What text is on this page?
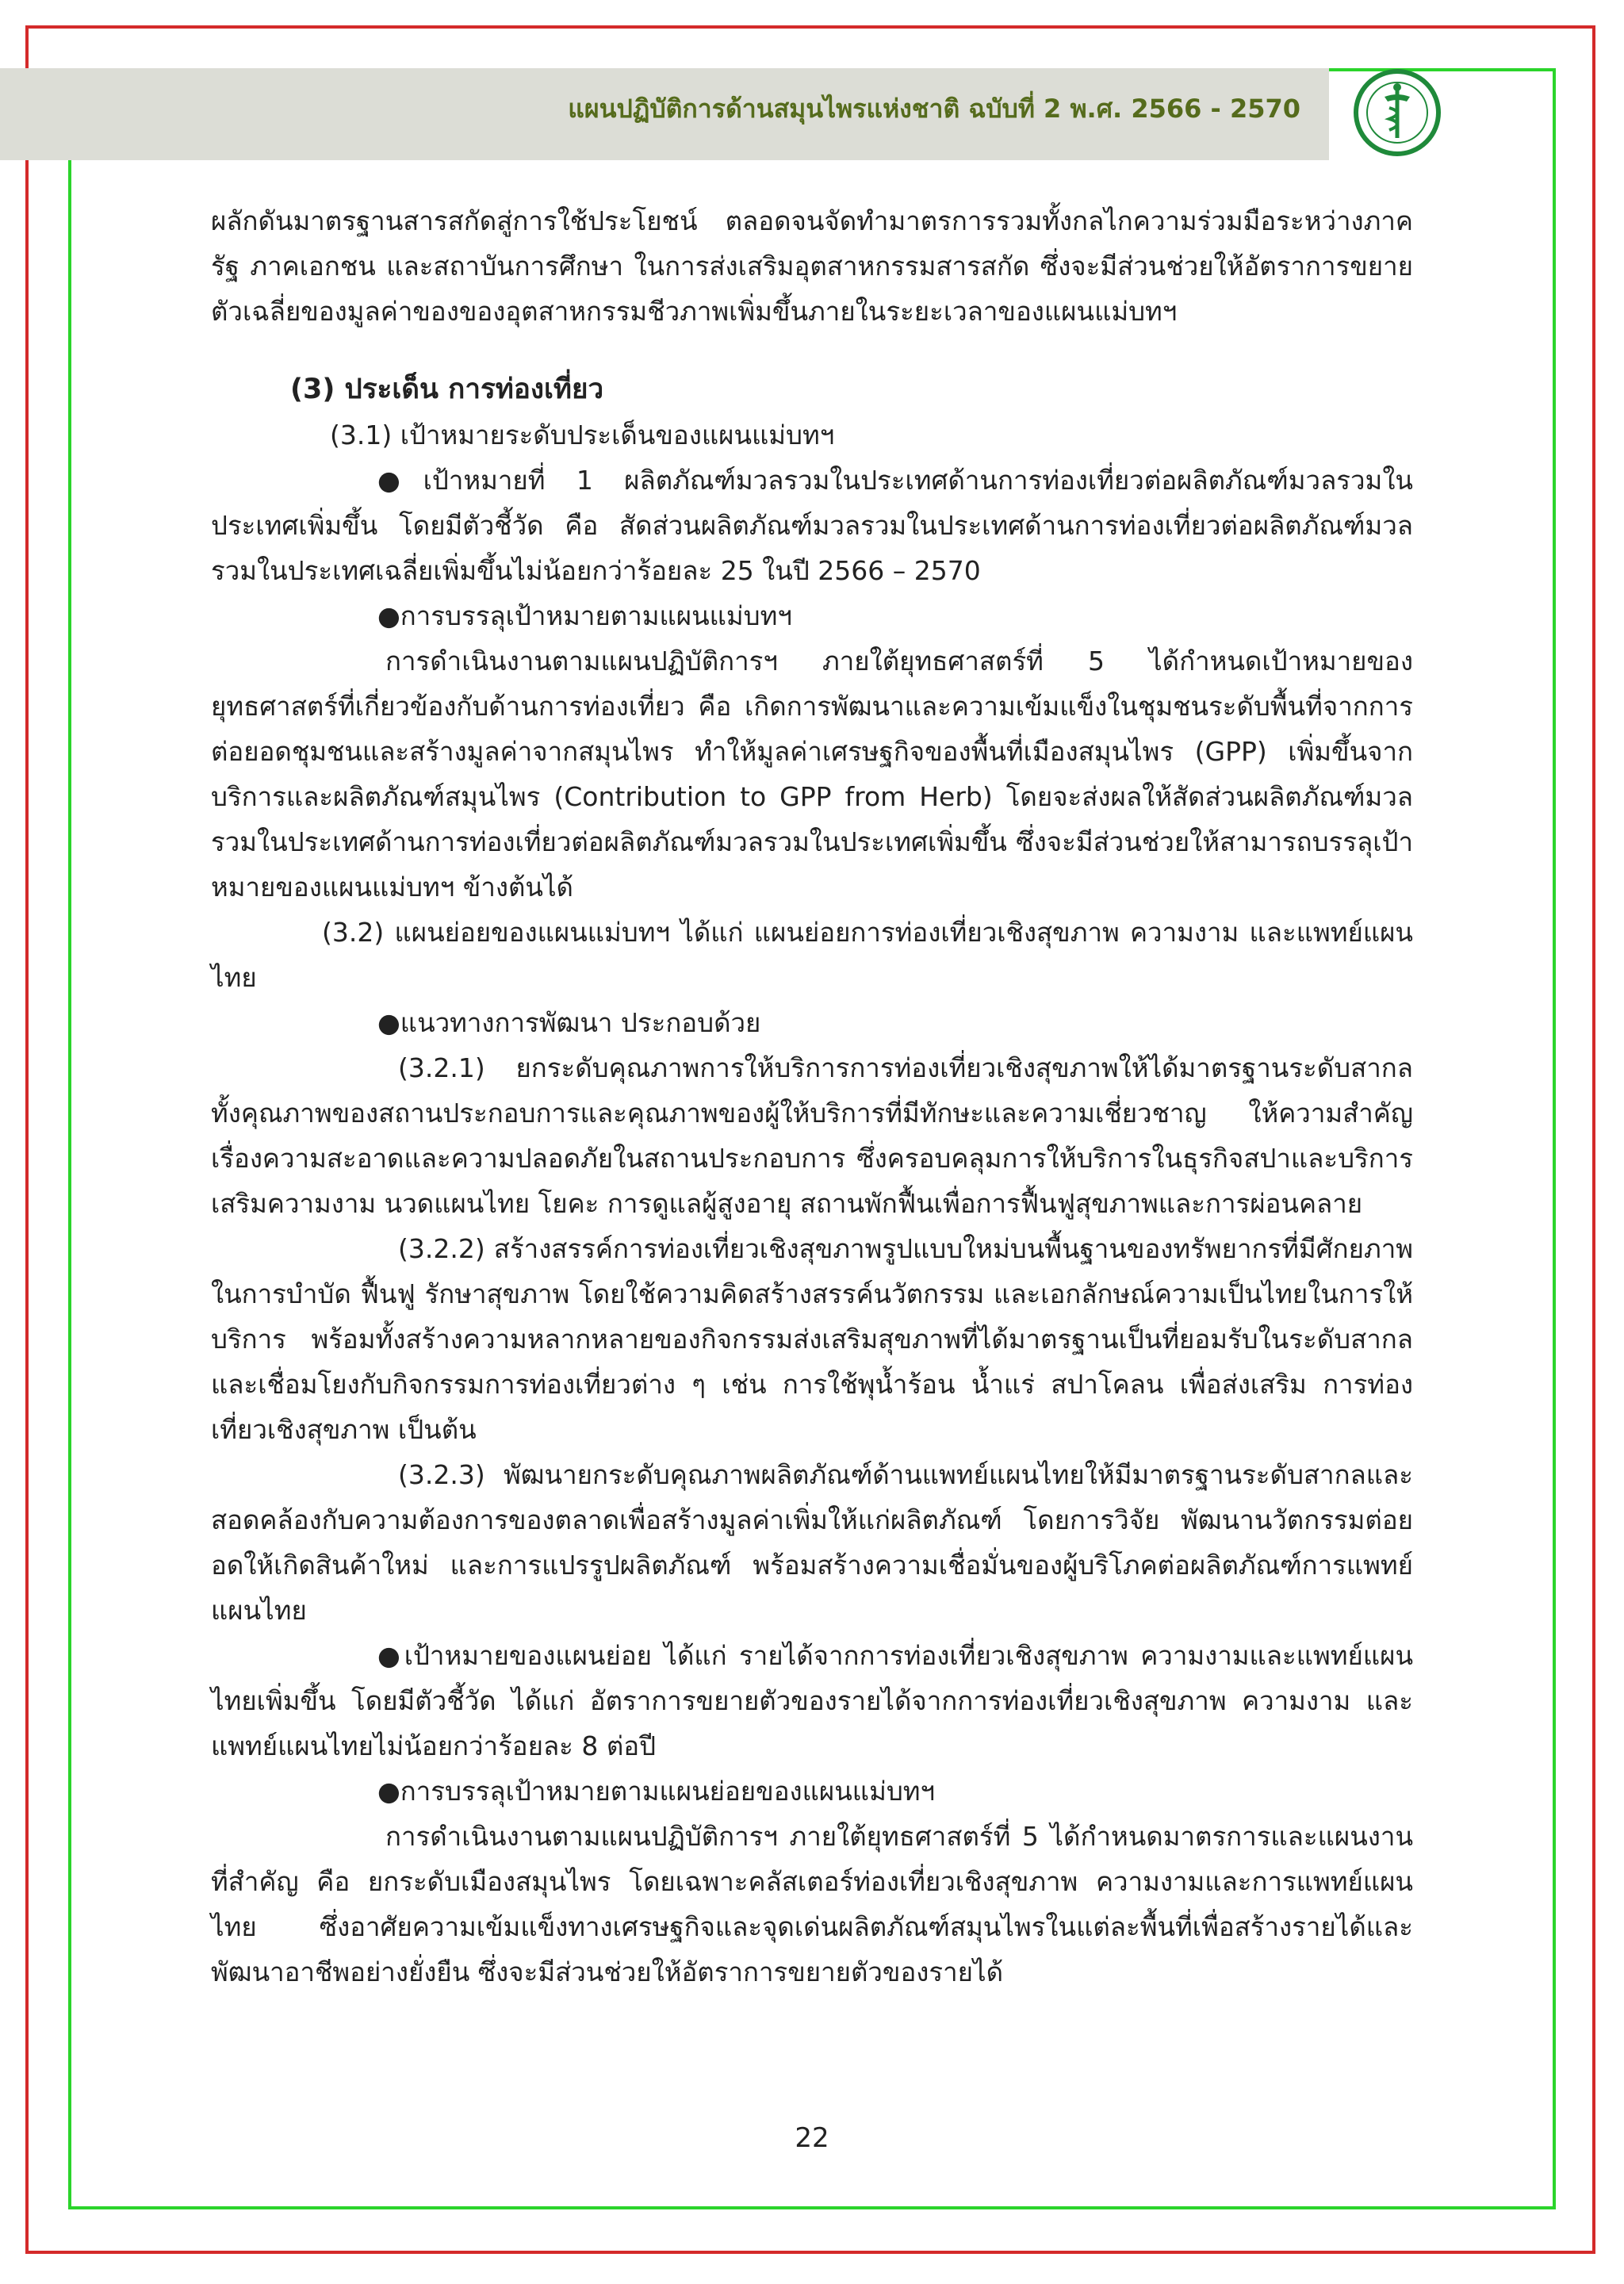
แผนปฏิบัติการด้านสมุนไพรแห่งชาติ ฉบับที่ 2 พ.ศ. 2566 - 2570

ผลักดันมาตรฐานสารสกัดสู่การใช้ประโยชน์ ตลอดจนจัดทำมาตรการรวมทั้งกลไกความร่วมมือระหว่างภาครัฐ ภาคเอกชน และสถาบันการศึกษา ในการส่งเสริมอุตสาหกรรมสารสกัด ซึ่งจะมีส่วนช่วยให้อัตราการขยายตัวเฉลี่ยของมูลค่าของของอุตสาหกรรมชีวภาพเพิ่มขึ้นภายในระยะเวลาของแผนแม่บทฯ

(3) ประเด็น การท่องเที่ยว

(3.1) เป้าหมายระดับประเด็นของแผนแม่บทฯ

●เป้าหมายที่ 1 ผลิตภัณฑ์มวลรวมในประเทศด้านการท่องเที่ยวต่อผลิตภัณฑ์มวลรวมในประเทศเพิ่มขึ้น โดยมีตัวชี้วัด คือ สัดส่วนผลิตภัณฑ์มวลรวมในประเทศด้านการท่องเที่ยวต่อผลิตภัณฑ์มวลรวมในประเทศเฉลี่ยเพิ่มขึ้นไม่น้อยกว่าร้อยละ 25 ในปี 2566 – 2570

●การบรรลุเป้าหมายตามแผนแม่บทฯ

การดำเนินงานตามแผนปฏิบัติการฯ ภายใต้ยุทธศาสตร์ที่ 5 ได้กำหนดเป้าหมายของยุทธศาสตร์ที่เกี่ยวข้องกับด้านการท่องเที่ยว คือ เกิดการพัฒนาและความเข้มแข็งในชุมชนระดับพื้นที่จากการต่อยอดชุมชนและสร้างมูลค่าจากสมุนไพร ทำให้มูลค่าเศรษฐกิจของพื้นที่เมืองสมุนไพร (GPP) เพิ่มขึ้นจากบริการและผลิตภัณฑ์สมุนไพร (Contribution to GPP from Herb) โดยจะส่งผลให้สัดส่วนผลิตภัณฑ์มวลรวมในประเทศด้านการท่องเที่ยวต่อผลิตภัณฑ์มวลรวมในประเทศเพิ่มขึ้น ซึ่งจะมีส่วนช่วยให้สามารถบรรลุเป้าหมายของแผนแม่บทฯ ข้างต้นได้

(3.2) แผนย่อยของแผนแม่บทฯ ได้แก่ แผนย่อยการท่องเที่ยวเชิงสุขภาพ ความงาม และแพทย์แผนไทย

●แนวทางการพัฒนา ประกอบด้วย

(3.2.1) ยกระดับคุณภาพการให้บริการการท่องเที่ยวเชิงสุขภาพให้ได้มาตรฐานระดับสากล ทั้งคุณภาพของสถานประกอบการและคุณภาพของผู้ให้บริการที่มีทักษะและความเชี่ยวชาญ ให้ความสำคัญเรื่องความสะอาดและความปลอดภัยในสถานประกอบการ ซึ่งครอบคลุมการให้บริการในธุรกิจสปาและบริการ เสริมความงาม นวดแผนไทย โยคะ การดูแลผู้สูงอายุ สถานพักฟื้นเพื่อการฟื้นฟูสุขภาพและการผ่อนคลาย

(3.2.2) สร้างสรรค์การท่องเที่ยวเชิงสุขภาพรูปแบบใหม่บนพื้นฐานของทรัพยากรที่มีศักยภาพในการบำบัด ฟื้นฟู รักษาสุขภาพ โดยใช้ความคิดสร้างสรรค์นวัตกรรม และเอกลักษณ์ความเป็นไทยในการให้บริการ พร้อมทั้งสร้างความหลากหลายของกิจกรรมส่งเสริมสุขภาพที่ได้มาตรฐานเป็นที่ยอมรับในระดับสากลและเชื่อมโยงกับกิจกรรมการท่องเที่ยวต่าง ๆ เช่น การใช้พุน้ำร้อน น้ำแร่ สปาโคลน เพื่อส่งเสริม การท่องเที่ยวเชิงสุขภาพ เป็นต้น

(3.2.3) พัฒนายกระดับคุณภาพผลิตภัณฑ์ด้านแพทย์แผนไทยให้มีมาตรฐานระดับสากลและสอดคล้องกับความต้องการของตลาดเพื่อสร้างมูลค่าเพิ่มให้แก่ผลิตภัณฑ์ โดยการวิจัย พัฒนานวัตกรรมต่อยอดให้เกิดสินค้าใหม่ และการแปรรูปผลิตภัณฑ์ พร้อมสร้างความเชื่อมั่นของผู้บริโภคต่อผลิตภัณฑ์การแพทย์แผนไทย

●เป้าหมายของแผนย่อย ได้แก่ รายได้จากการท่องเที่ยวเชิงสุขภาพ ความงามและแพทย์แผนไทยเพิ่มขึ้น โดยมีตัวชี้วัด ได้แก่ อัตราการขยายตัวของรายได้จากการท่องเที่ยวเชิงสุขภาพ ความงาม และแพทย์แผนไทยไม่น้อยกว่าร้อยละ 8 ต่อปี

●การบรรลุเป้าหมายตามแผนย่อยของแผนแม่บทฯ

การดำเนินงานตามแผนปฏิบัติการฯ ภายใต้ยุทธศาสตร์ที่ 5 ได้กำหนดมาตรการและแผนงานที่สำคัญ คือ ยกระดับเมืองสมุนไพร โดยเฉพาะคลัสเตอร์ท่องเที่ยวเชิงสุขภาพ ความงามและการแพทย์แผนไทย ซึ่งอาศัยความเข้มแข็งทางเศรษฐกิจและจุดเด่นผลิตภัณฑ์สมุนไพรในแต่ละพื้นที่เพื่อสร้างรายได้และพัฒนาอาชีพอย่างยั่งยืน ซึ่งจะมีส่วนช่วยให้อัตราการขยายตัวของรายได้

22
